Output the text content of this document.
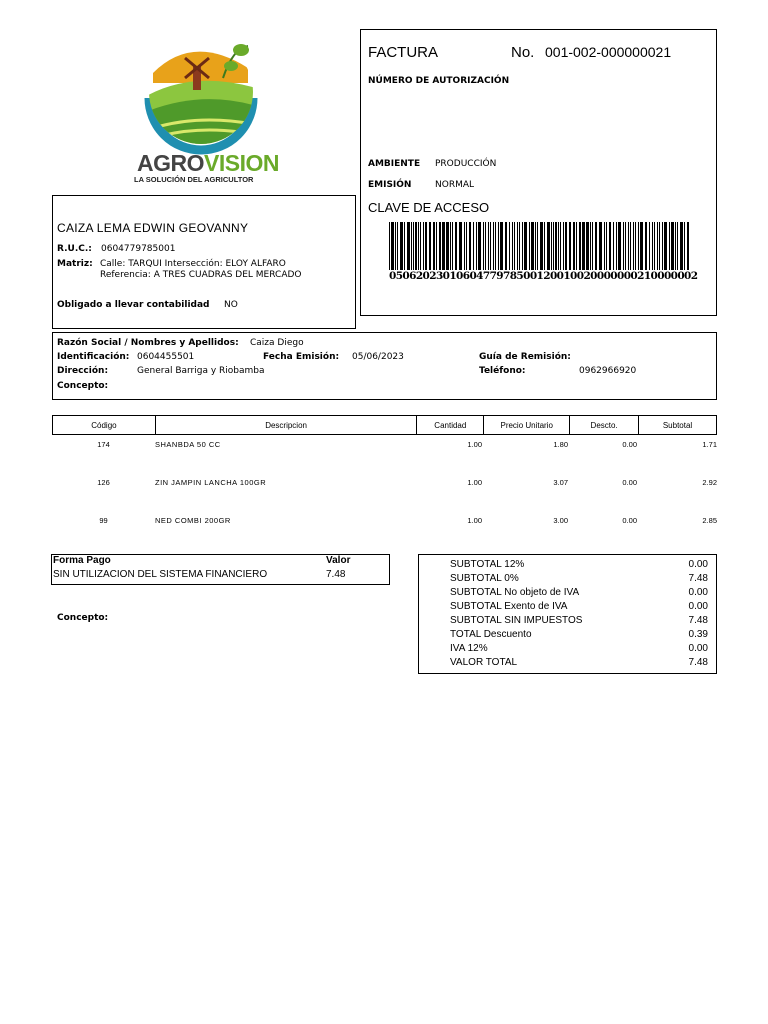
AGROVISION
LA SOLUCIÓN DEL AGRICULTOR
FACTURA	No. 001-002-000000021
NÚMERO DE AUTORIZACIÓN
AMBIENTE PRODUCCIÓN
EMISIÓN	NORMAL
CLAVE DE ACCESO
0506202301060477978500120010020000000210000002
CAIZA LEMA EDWIN GEOVANNY
R.U.C.: 0604779785001
Matriz: Calle: TARQUI Intersección: ELOY ALFARO
Referencia: A TRES CUADRAS DEL MERCADO
Obligado a llevar contabilidad NO
Razón Social / Nombres y Apellidos: Caiza Diego
Identificación: 0604455501	Fecha Emisión: 05/06/2023	Guía de Remisión:
Dirección:	General Barriga y Riobamba	Teléfono:	0962966920
Concepto:
Código	Descripcion	Cantidad	Precio Unitario	Descto.	Subtotal
174	SHANBDA 50 CC	1.00	1.80	0.00	1.71
126	ZIN JAMPIN LANCHA 100GR	1.00	3.07	0.00	2.92
99	NED COMBI 200GR	1.00	3.00	0.00	2.85
Forma Pago	Valor
SIN UTILIZACION DEL SISTEMA FINANCIERO	7.48
Concepto:
SUBTOTAL 12%	0.00
SUBTOTAL 0%	7.48
SUBTOTAL No objeto de IVA	0.00
SUBTOTAL Exento de IVA	0.00
SUBTOTAL SIN IMPUESTOS	7.48
TOTAL Descuento	0.39
IVA 12%	0.00
VALOR TOTAL	7.48
